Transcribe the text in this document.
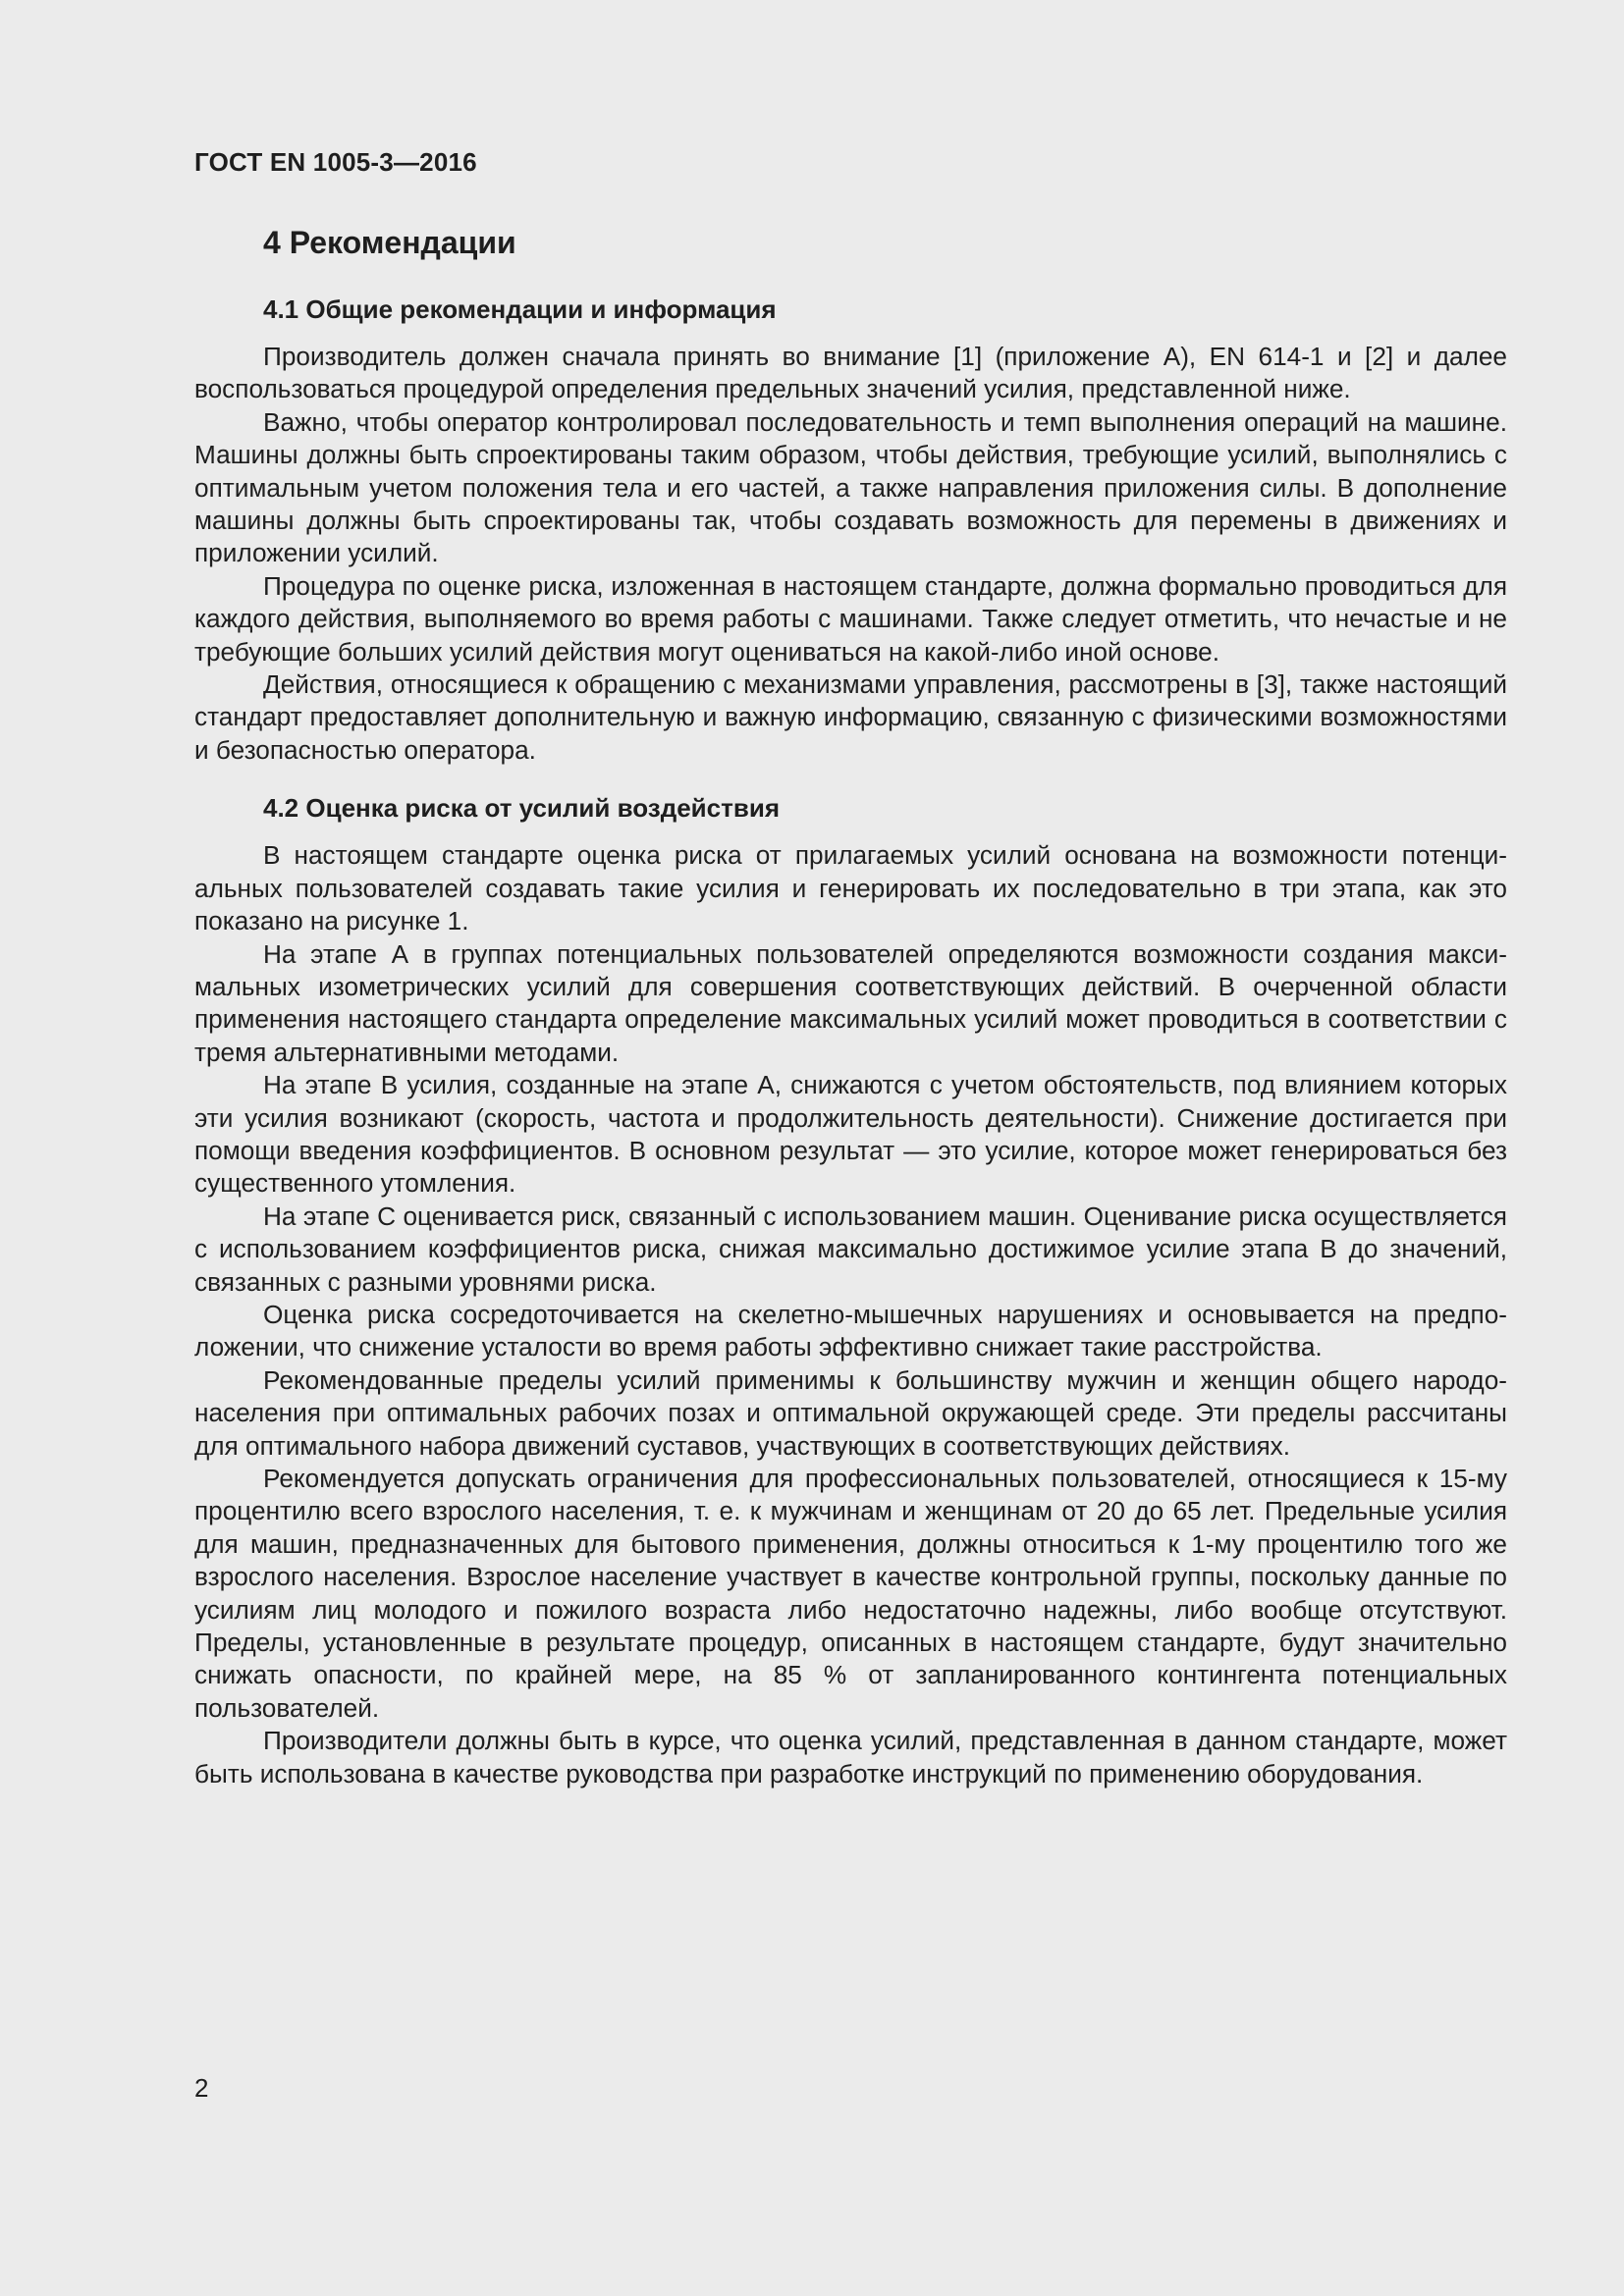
ГОСТ EN 1005-3—2016
4 Рекомендации
4.1 Общие рекомендации и информация

Производитель должен сначала принять во внимание [1] (приложение А), EN 614-1 и [2] и далее воспользоваться процедурой определения предельных значений усилия, представленной ниже.

Важно, чтобы оператор контролировал последовательность и темп выполнения операций на машине. Машины должны быть спроектированы таким образом, чтобы действия, требующие усилий, выполнялись с оптимальным учетом положения тела и его частей, а также направления приложения силы. В дополнение машины должны быть спроектированы так, чтобы создавать возможность для перемены в движениях и приложении усилий.

Процедура по оценке риска, изложенная в настоящем стандарте, должна формально проводиться для каждого действия, выполняемого во время работы с машинами. Также следует отметить, что нечастые и не требующие больших усилий действия могут оцениваться на какой-либо иной основе.

Действия, относящиеся к обращению с механизмами управления, рассмотрены в [3], также настоящий стандарт предоставляет дополнительную и важную информацию, связанную с физическими возможностями и безопасностью оператора.

4.2 Оценка риска от усилий воздействия

В настоящем стандарте оценка риска от прилагаемых усилий основана на возможности потенциальных пользователей создавать такие усилия и генерировать их последовательно в три этапа, как это показано на рисунке 1.

На этапе А в группах потенциальных пользователей определяются возможности создания максимальных изометрических усилий для совершения соответствующих действий. В очерченной области применения настоящего стандарта определение максимальных усилий может проводиться в соответствии с тремя альтернативными методами.

На этапе В усилия, созданные на этапе А, снижаются с учетом обстоятельств, под влиянием которых эти усилия возникают (скорость, частота и продолжительность деятельности). Снижение достигается при помощи введения коэффициентов. В основном результат — это усилие, которое может генерироваться без существенного утомления.

На этапе С оценивается риск, связанный с использованием машин. Оценивание риска осуществляется с использованием коэффициентов риска, снижая максимально достижимое усилие этапа В до значений, связанных с разными уровнями риска.

Оценка риска сосредоточивается на скелетно-мышечных нарушениях и основывается на предположении, что снижение усталости во время работы эффективно снижает такие расстройства.

Рекомендованные пределы усилий применимы к большинству мужчин и женщин общего народонаселения при оптимальных рабочих позах и оптимальной окружающей среде. Эти пределы рассчитаны для оптимального набора движений суставов, участвующих в соответствующих действиях.

Рекомендуется допускать ограничения для профессиональных пользователей, относящиеся к 15-му процентилю всего взрослого населения, т. е. к мужчинам и женщинам от 20 до 65 лет. Предельные усилия для машин, предназначенных для бытового применения, должны относиться к 1-му процентилю того же взрослого населения. Взрослое население участвует в качестве контрольной группы, поскольку данные по усилиям лиц молодого и пожилого возраста либо недостаточно надежны, либо вообще отсутствуют. Пределы, установленные в результате процедур, описанных в настоящем стандарте, будут значительно снижать опасности, по крайней мере, на 85 % от запланированного контингента потенциальных пользователей.

Производители должны быть в курсе, что оценка усилий, представленная в данном стандарте, может быть использована в качестве руководства при разработке инструкций по применению оборудования.

2
